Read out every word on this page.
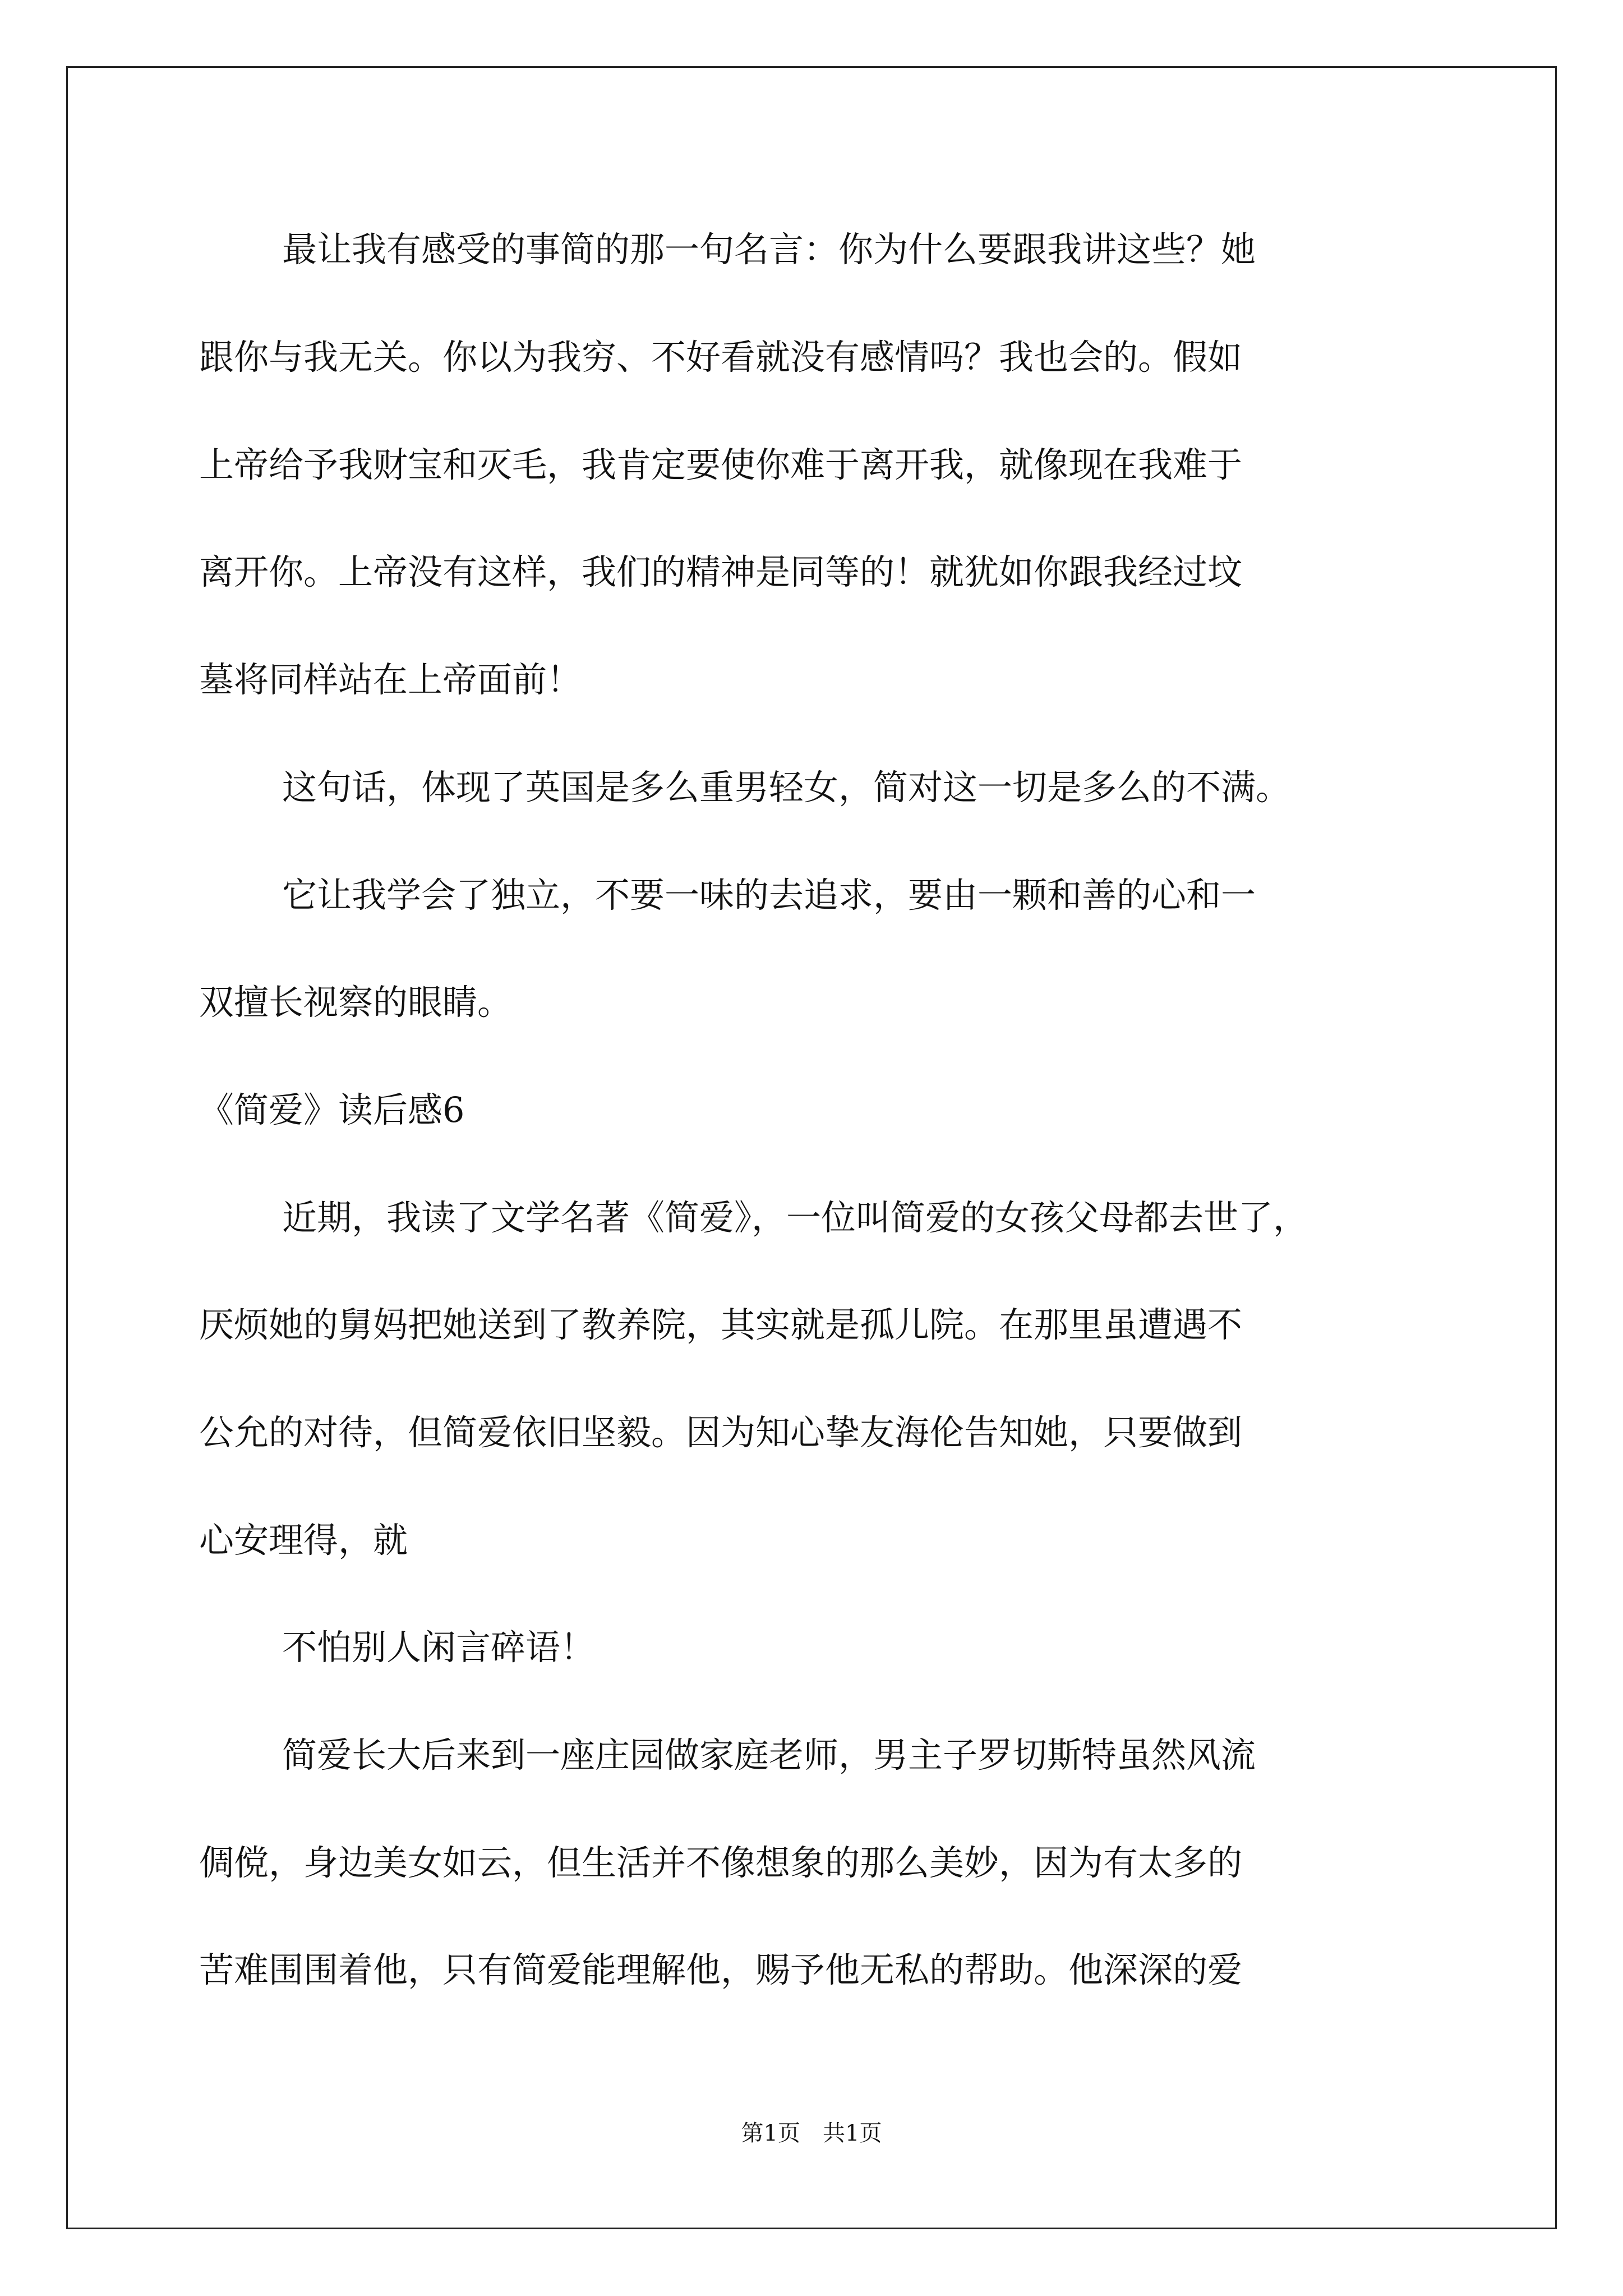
最让我有感受的事简的那一句名言：你为什么要跟我讲这些？她
跟你与我无关。你以为我穷、不好看就没有感情吗？我也会的。假如
上帝给予我财宝和灭毛，我肯定要使你难于离开我，就像现在我难于
离开你。上帝没有这样，我们的精神是同等的！就犹如你跟我经过坟
墓将同样站在上帝面前！
这句话，体现了英国是多么重男轻女，简对这一切是多么的不满。
它让我学会了独立，不要一味的去追求，要由一颗和善的心和一
双擅长视察的眼睛。
《简爱》读后感6
近期，我读了文学名著《简爱》，一位叫简爱的女孩父母都去世了，
厌烦她的舅妈把她送到了教养院，其实就是孤儿院。在那里虽遭遇不
公允的对待，但简爱依旧坚毅。因为知心挚友海伦告知她，只要做到
心安理得，就
不怕别人闲言碎语！
简爱长大后来到一座庄园做家庭老师，男主子罗切斯特虽然风流
倜傥，身边美女如云，但生活并不像想象的那么美妙，因为有太多的
苦难围围着他，只有简爱能理解他，赐予他无私的帮助。他深深的爱
第1页　共1页
